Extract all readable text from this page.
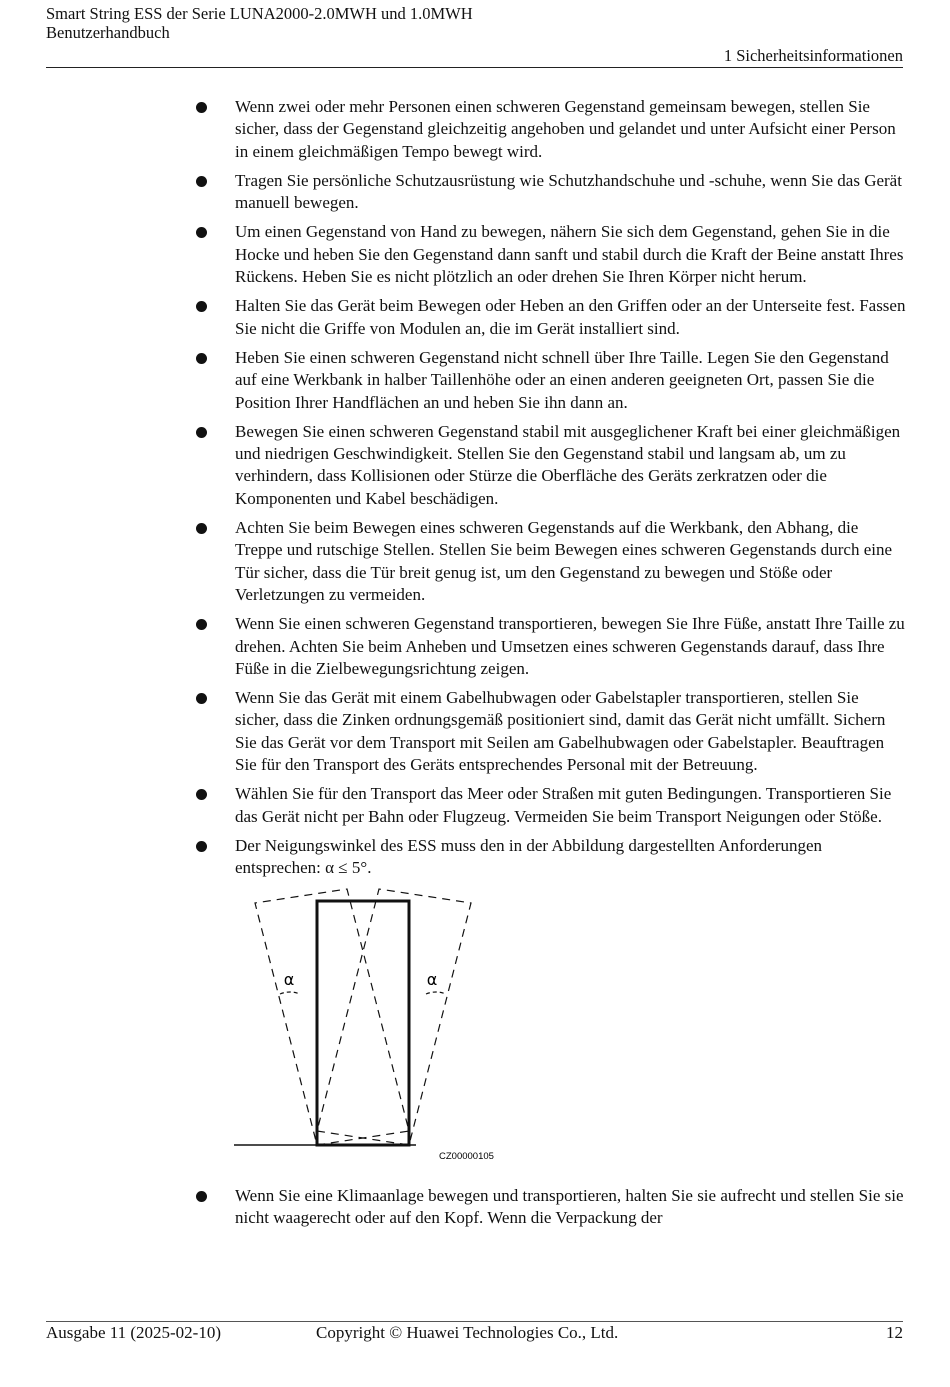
Smart String ESS der Serie LUNA2000-2.0MWH und 1.0MWH
Benutzerhandbuch
1 Sicherheitsinformationen
Wenn zwei oder mehr Personen einen schweren Gegenstand gemeinsam bewegen, stellen Sie sicher, dass der Gegenstand gleichzeitig angehoben und gelandet und unter Aufsicht einer Person in einem gleichmäßigen Tempo bewegt wird.
Tragen Sie persönliche Schutzausrüstung wie Schutzhandschuhe und -schuhe, wenn Sie das Gerät manuell bewegen.
Um einen Gegenstand von Hand zu bewegen, nähern Sie sich dem Gegenstand, gehen Sie in die Hocke und heben Sie den Gegenstand dann sanft und stabil durch die Kraft der Beine anstatt Ihres Rückens. Heben Sie es nicht plötzlich an oder drehen Sie Ihren Körper nicht herum.
Halten Sie das Gerät beim Bewegen oder Heben an den Griffen oder an der Unterseite fest. Fassen Sie nicht die Griffe von Modulen an, die im Gerät installiert sind.
Heben Sie einen schweren Gegenstand nicht schnell über Ihre Taille. Legen Sie den Gegenstand auf eine Werkbank in halber Taillenhöhe oder an einen anderen geeigneten Ort, passen Sie die Position Ihrer Handflächen an und heben Sie ihn dann an.
Bewegen Sie einen schweren Gegenstand stabil mit ausgeglichener Kraft bei einer gleichmäßigen und niedrigen Geschwindigkeit. Stellen Sie den Gegenstand stabil und langsam ab, um zu verhindern, dass Kollisionen oder Stürze die Oberfläche des Geräts zerkratzen oder die Komponenten und Kabel beschädigen.
Achten Sie beim Bewegen eines schweren Gegenstands auf die Werkbank, den Abhang, die Treppe und rutschige Stellen. Stellen Sie beim Bewegen eines schweren Gegenstands durch eine Tür sicher, dass die Tür breit genug ist, um den Gegenstand zu bewegen und Stöße oder Verletzungen zu vermeiden.
Wenn Sie einen schweren Gegenstand transportieren, bewegen Sie Ihre Füße, anstatt Ihre Taille zu drehen. Achten Sie beim Anheben und Umsetzen eines schweren Gegenstands darauf, dass Ihre Füße in die Zielbewegungsrichtung zeigen.
Wenn Sie das Gerät mit einem Gabelhubwagen oder Gabelstapler transportieren, stellen Sie sicher, dass die Zinken ordnungsgemäß positioniert sind, damit das Gerät nicht umfällt. Sichern Sie das Gerät vor dem Transport mit Seilen am Gabelhubwagen oder Gabelstapler. Beauftragen Sie für den Transport des Geräts entsprechendes Personal mit der Betreuung.
Wählen Sie für den Transport das Meer oder Straßen mit guten Bedingungen. Transportieren Sie das Gerät nicht per Bahn oder Flugzeug. Vermeiden Sie beim Transport Neigungen oder Stöße.
Der Neigungswinkel des ESS muss den in der Abbildung dargestellten Anforderungen entsprechen: α ≤ 5°.
α	α
CZ00000105
Wenn Sie eine Klimaanlage bewegen und transportieren, halten Sie sie aufrecht und stellen Sie sie nicht waagerecht oder auf den Kopf. Wenn die Verpackung der
Ausgabe 11 (2025-02-10)	Copyright © Huawei Technologies Co., Ltd.	12
